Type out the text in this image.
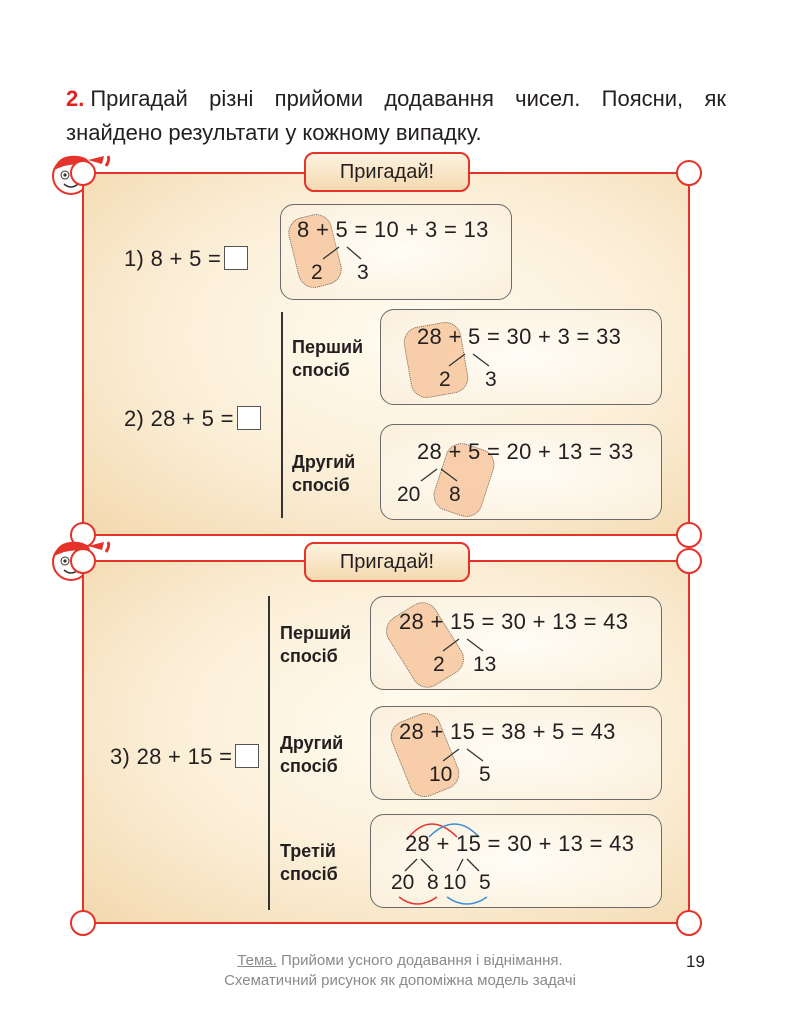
2. Пригадай різні прийоми додавання чисел. Поясни, як знайдено результати у кожному випадку.
Пригадай!
1) 8 + 5 =
8 + 5 = 10 + 3 = 13
2 3
2) 28 + 5 =
Перший
спосіб
28 + 5 = 30 + 3 = 33
2 3
Другий
спосіб
28 + 5 = 20 + 13 = 33
20 8
Пригадай!
3) 28 + 15 =
Перший
спосіб
28 + 15 = 30 + 13 = 43
2 13
Другий
спосіб
28 + 15 = 38 + 5 = 43
10 5
Третій
спосіб
28 + 15 = 30 + 13 = 43
20 8 10 5
Тема. Прийоми усного додавання і віднімання.
Схематичний рисунок як допоміжна модель задачі
19
